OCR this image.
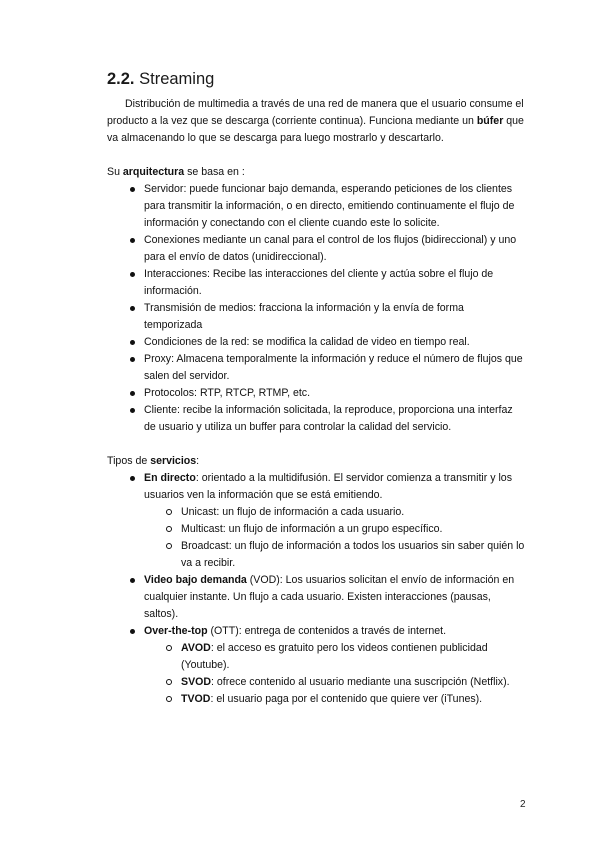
2.2. Streaming

Distribución de multimedia a través de una red de manera que el usuario consume el producto a la vez que se descarga (corriente continua). Funciona mediante un búfer que va almacenando lo que se descarga para luego mostrarlo y descartarlo.

Su arquitectura se basa en :

Servidor: puede funcionar bajo demanda, esperando peticiones de los clientes para transmitir la información, o en directo, emitiendo continuamente el flujo de información y conectando con el cliente cuando este lo solicite.
Conexiones mediante un canal para el control de los flujos (bidireccional) y uno para el envío de datos (unidireccional).
Interacciones: Recibe las interacciones del cliente y actúa sobre el flujo de información.
Transmisión de medios: fracciona la información y la envía de forma temporizada
Condiciones de la red: se modifica la calidad de video en tiempo real.
Proxy: Almacena temporalmente la información y reduce el número de flujos que salen del servidor.
Protocolos: RTP, RTCP, RTMP, etc.
Cliente: recibe la información solicitada, la reproduce, proporciona una interfaz de usuario y utiliza un buffer para controlar la calidad del servicio.

Tipos de servicios:

En directo: orientado a la multidifusión. El servidor comienza a transmitir y los usuarios ven la información que se está emitiendo.
Unicast: un flujo de información a cada usuario.
Multicast: un flujo de información a un grupo específico.
Broadcast: un flujo de información a todos los usuarios sin saber quién lo va a recibir.
Video bajo demanda (VOD): Los usuarios solicitan el envío de información en cualquier instante. Un flujo a cada usuario. Existen interacciones (pausas, saltos).
Over-the-top (OTT): entrega de contenidos a través de internet.
AVOD: el acceso es gratuito pero los videos contienen publicidad (Youtube).
SVOD: ofrece contenido al usuario mediante una suscripción (Netflix).
TVOD: el usuario paga por el contenido que quiere ver (iTunes).
2
